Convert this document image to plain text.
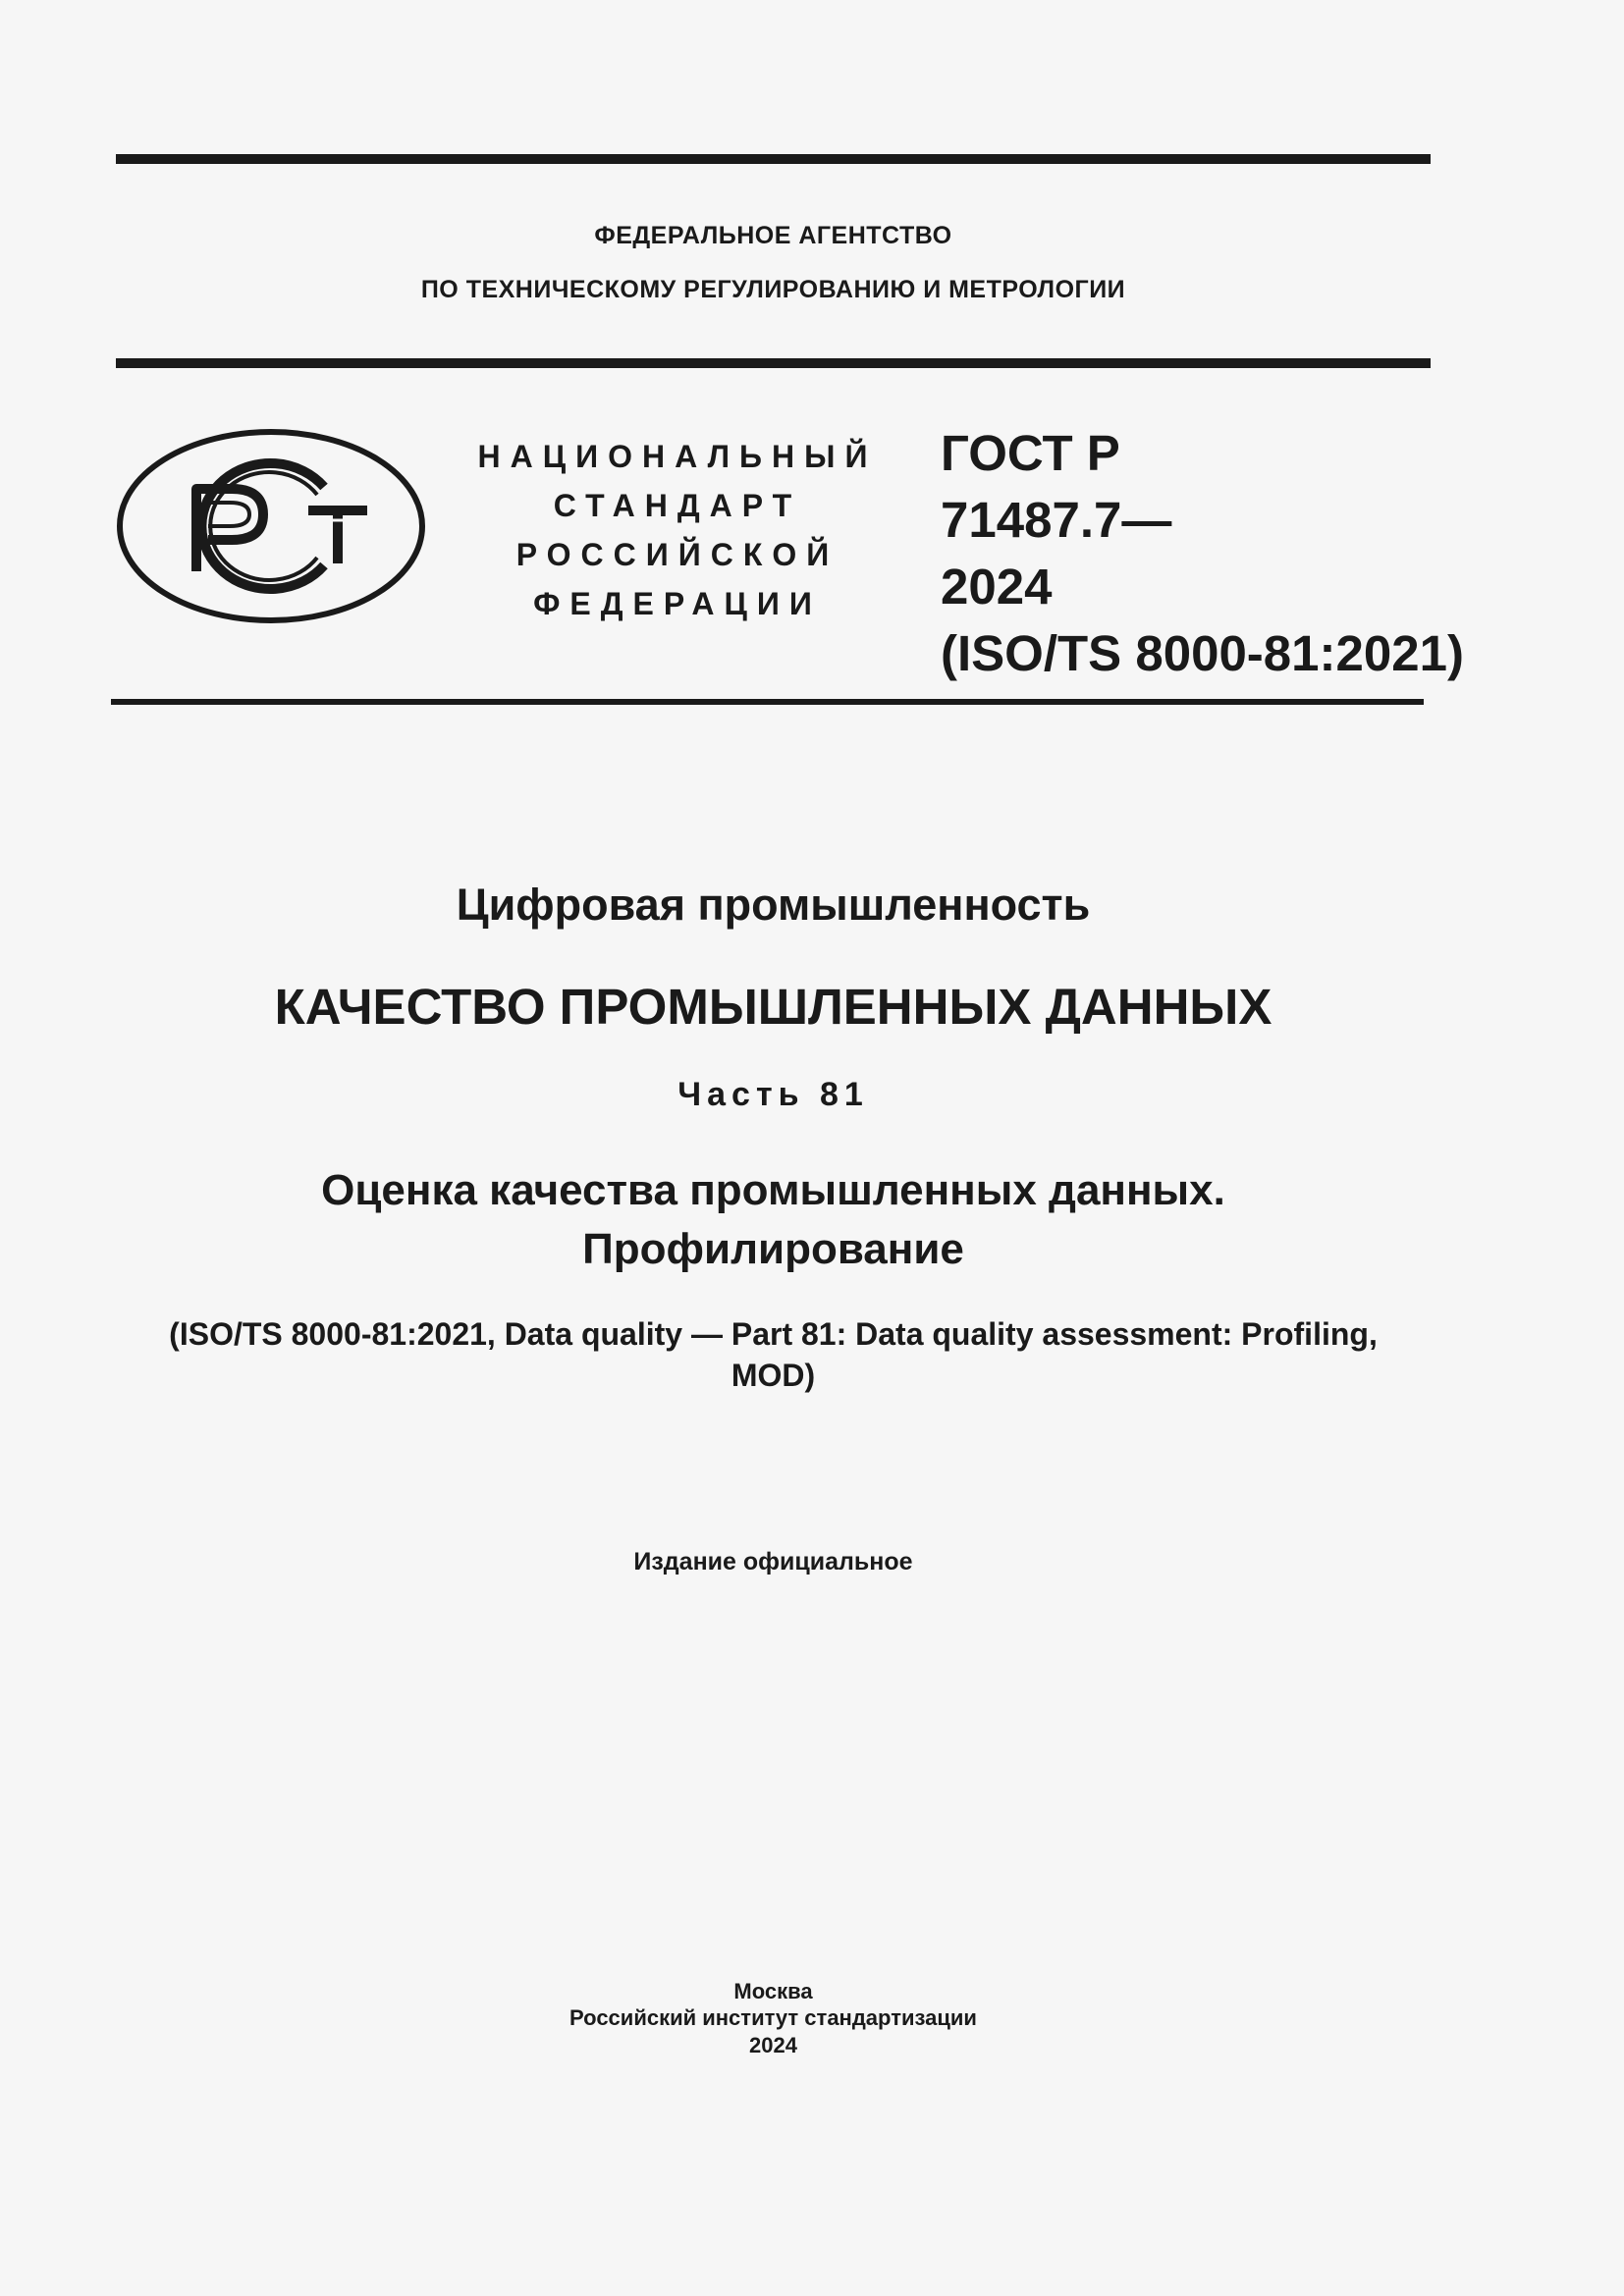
ФЕДЕРАЛЬНОЕ АГЕНТСТВО
ПО ТЕХНИЧЕСКОМУ РЕГУЛИРОВАНИЮ И МЕТРОЛОГИИ
НАЦИОНАЛЬНЫЙ
СТАНДАРТ
РОССИЙСКОЙ
ФЕДЕРАЦИИ
ГОСТ Р
71487.7—
2024
(ISO/TS 8000-81:2021)
Цифровая промышленность
КАЧЕСТВО ПРОМЫШЛЕННЫХ ДАННЫХ
Часть 81
Оценка качества промышленных данных.
Профилирование
(ISO/TS 8000-81:2021, Data quality — Part 81: Data quality assessment: Profiling,
MOD)
Издание официальное
Москва
Российский институт стандартизации
2024
